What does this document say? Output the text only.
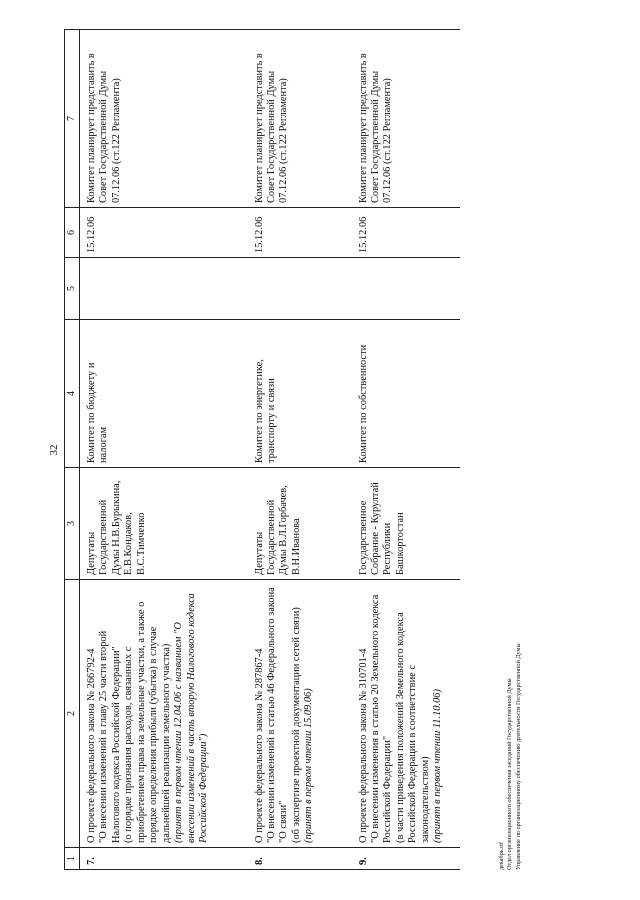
32
1	2	3	4	5	6	7
7.	О проекте федерального закона № 266792-4 "О внесении изменений в главу 25 части второй Налогового кодекса Российской Федерации" (о порядке признания расходов, связанных с приобретением права на земельные участки, а также о порядке определения прибыли (убытка) в случае дальнейшей реализации земельного участка) (принят в первом чтении 12.04.06 с названием "О внесении изменений в часть вторую Налогового кодекса Российской Федерации")	Депутаты Государственной Думы Н.В.Бурыкина, Е.В.Кондаков, В.С.Тимченко	Комитет по бюджету и налогам		15.12.06	Комитет планирует представить в Совет Государственной Думы 07.12.06 (ст.122 Регламента)
8.	О проекте федерального закона № 287867-4 "О внесении изменений в статью 46 Федерального закона "О связи" (об экспертизе проектной документации сетей связи) (принят в первом чтении 15.09.06)	Депутаты Государственной Думы В.Л.Горбачев, В.Н.Иванова	Комитет по энергетике, транспорту и связи		15.12.06	Комитет планирует представить в Совет Государственной Думы 07.12.06 (ст.122 Регламента)
9.	О проекте федерального закона № 310701-4 "О внесении изменения в статью 20 Земельного кодекса Российской Федерации" (в части приведения положений Земельного кодекса Российской Федерации в соответствие с законодательством) (принят в первом чтении 11.10.06)	Государственное Собрание - Курултай Республики Башкортостан	Комитет по собственности		15.12.06	Комитет планирует представить в Совет Государственной Думы 07.12.06 (ст.122 Регламента)

декабрь.rtf Отдел организационного обеспечения заседаний Государственной Думы Управление по организационному обеспечению деятельности Государственной Думы
